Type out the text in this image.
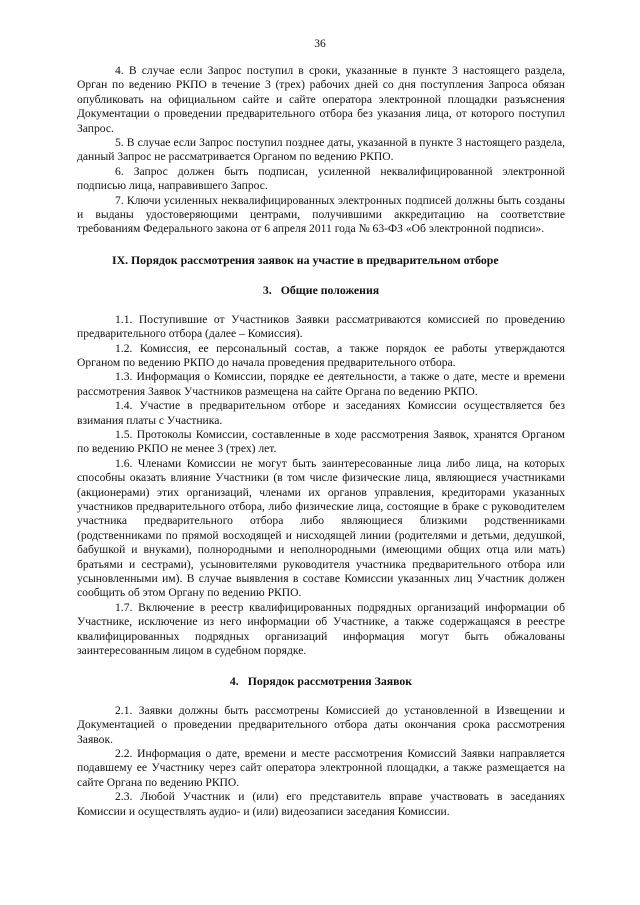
36

4. В случае если Запрос поступил в сроки, указанные в пункте 3 настоящего раздела, Орган по ведению РКПО в течение 3 (трех) рабочих дней со дня поступления Запроса обязан опубликовать на официальном сайте и сайте оператора электронной площадки разъяснения Документации о проведении предварительного отбора без указания лица, от которого поступил Запрос.

5. В случае если Запрос поступил позднее даты, указанной в пункте 3 настоящего раздела, данный Запрос не рассматривается Органом по ведению РКПО.

6. Запрос должен быть подписан, усиленной неквалифицированной электронной подписью лица, направившего Запрос.

7. Ключи усиленных неквалифицированных электронных подписей должны быть созданы и выданы удостоверяющими центрами, получившими аккредитацию на соответствие требованиям Федерального закона от 6 апреля 2011 года № 63-ФЗ «Об электронной подписи».

IX. Порядок рассмотрения заявок на участие в предварительном отборе

3. Общие положения

1.1. Поступившие от Участников Заявки рассматриваются комиссией по проведению предварительного отбора (далее – Комиссия).

1.2. Комиссия, ее персональный состав, а также порядок ее работы утверждаются Органом по ведению РКПО до начала проведения предварительного отбора.

1.3. Информация о Комиссии, порядке ее деятельности, а также о дате, месте и времени рассмотрения Заявок Участников размещена на сайте Органа по ведению РКПО.

1.4. Участие в предварительном отборе и заседаниях Комиссии осуществляется без взимания платы с Участника.

1.5. Протоколы Комиссии, составленные в ходе рассмотрения Заявок, хранятся Органом по ведению РКПО не менее 3 (трех) лет.

1.6. Членами Комиссии не могут быть заинтересованные лица либо лица, на которых способны оказать влияние Участники (в том числе физические лица, являющиеся участниками (акционерами) этих организаций, членами их органов управления, кредиторами указанных участников предварительного отбора, либо физические лица, состоящие в браке с руководителем участника предварительного отбора либо являющиеся близкими родственниками (родственниками по прямой восходящей и нисходящей линии (родителями и детьми, дедушкой, бабушкой и внуками), полнородными и неполнородными (имеющими общих отца или мать) братьями и сестрами), усыновителями руководителя участника предварительного отбора или усыновленными им). В случае выявления в составе Комиссии указанных лиц Участник должен сообщить об этом Органу по ведению РКПО.

1.7. Включение в реестр квалифицированных подрядных организаций информации об Участнике, исключение из него информации об Участнике, а также содержащаяся в реестре квалифицированных подрядных организаций информация могут быть обжалованы заинтересованным лицом в судебном порядке.

4. Порядок рассмотрения Заявок

2.1. Заявки должны быть рассмотрены Комиссией до установленной в Извещении и Документацией о проведении предварительного отбора даты окончания срока рассмотрения Заявок.

2.2. Информация о дате, времени и месте рассмотрения Комиссий Заявки направляется подавшему ее Участнику через сайт оператора электронной площадки, а также размещается на сайте Органа по ведению РКПО.

2.3. Любой Участник и (или) его представитель вправе участвовать в заседаниях Комиссии и осуществлять аудио- и (или) видеозаписи заседания Комиссии.
